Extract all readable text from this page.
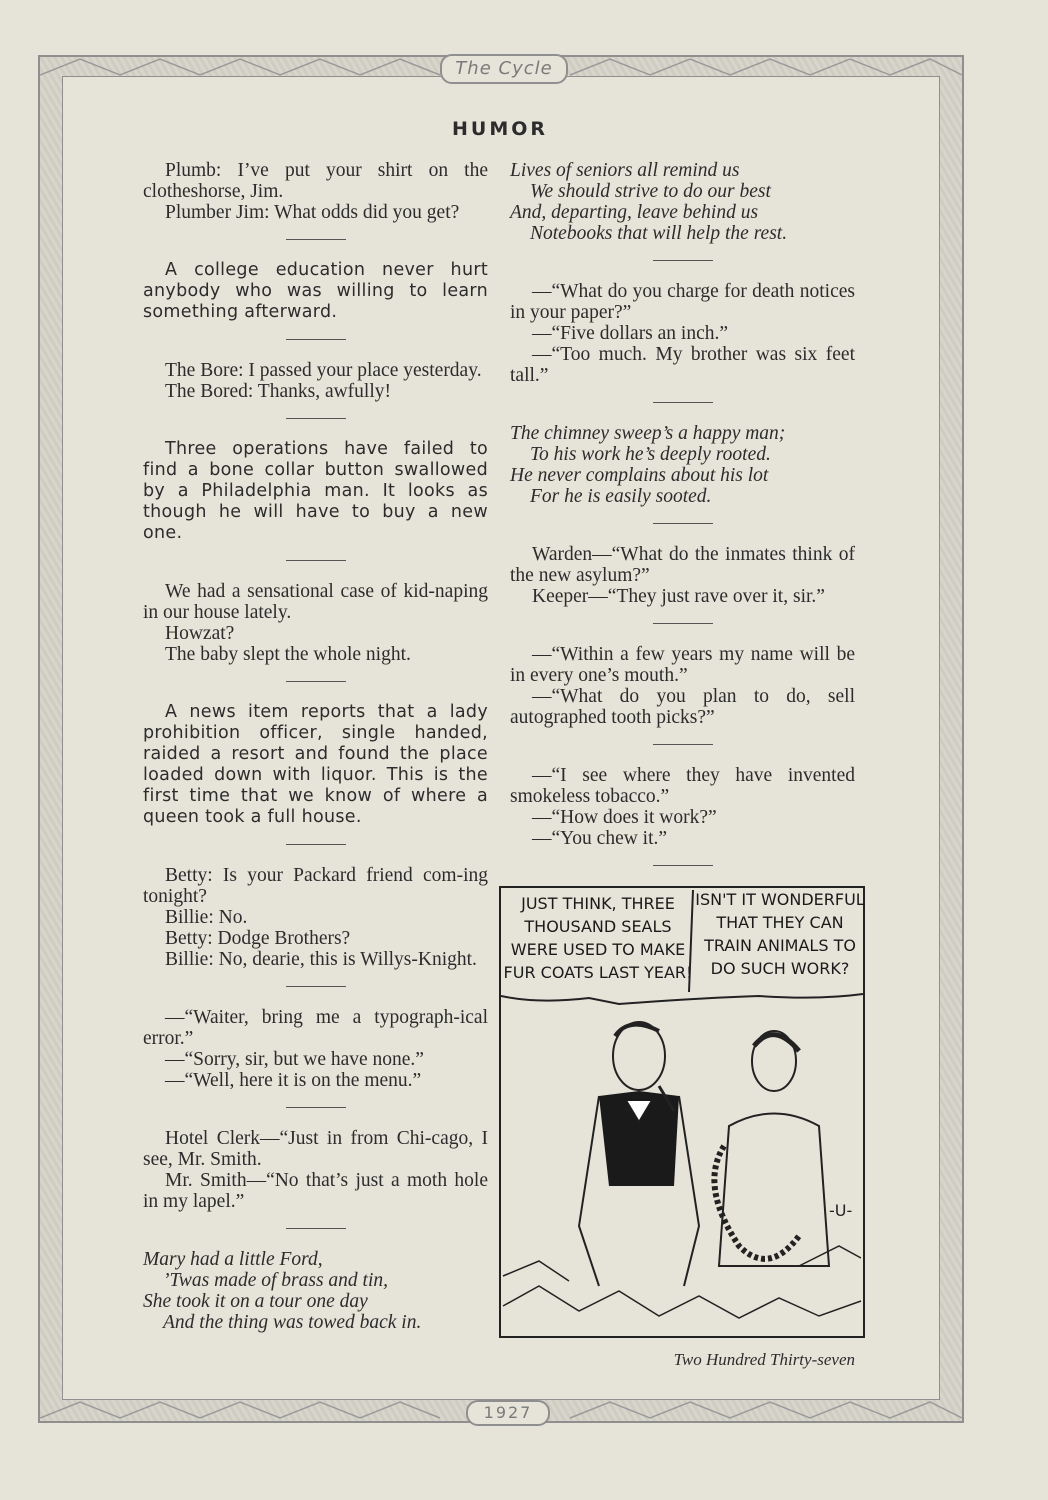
The Cycle
1927
HUMOR

Plumb: I’ve put your shirt on the clotheshorse, Jim.

Plumber Jim: What odds did you get?

A college education never hurt anybody who was willing to learn something afterward.

The Bore: I passed your place yesterday.

The Bored: Thanks, awfully!

Three operations have failed to find a bone collar button swallowed by a Philadelphia man. It looks as though he will have to buy a new one.

We had a sensational case of kid-naping in our house lately.

Howzat?

The baby slept the whole night.

A news item reports that a lady prohibition officer, single handed, raided a resort and found the place loaded down with liquor. This is the first time that we know of where a queen took a full house.

Betty: Is your Packard friend com-ing tonight?

Billie: No.

Betty: Dodge Brothers?

Billie: No, dearie, this is Willys-Knight.

—“Waiter, bring me a typograph-ical error.”

—“Sorry, sir, but we have none.”

—“Well, here it is on the menu.”

Hotel Clerk—“Just in from Chi-cago, I see, Mr. Smith.

Mr. Smith—“No that’s just a moth hole in my lapel.”

Mary had a little Ford,

’Twas made of brass and tin,

She took it on a tour one day

And the thing was towed back in.

Lives of seniors all remind us

We should strive to do our best

And, departing, leave behind us

Notebooks that will help the rest.

—“What do you charge for death notices in your paper?”

—“Five dollars an inch.”

—“Too much. My brother was six feet tall.”

The chimney sweep’s a happy man;

To his work he’s deeply rooted.

He never complains about his lot

For he is easily sooted.

Warden—“What do the inmates think of the new asylum?”

Keeper—“They just rave over it, sir.”

—“Within a few years my name will be in every one’s mouth.”

—“What do you plan to do, sell autographed tooth picks?”

—“I see where they have invented smokeless tobacco.”

—“How does it work?”

—“You chew it.”

-U-
JUST THINK, THREE THOUSAND SEALS WERE USED TO MAKE FUR COATS LAST YEAR!
ISN'T IT WONDERFUL THAT THEY CAN TRAIN ANIMALS TO DO SUCH WORK?
Two Hundred Thirty-seven
